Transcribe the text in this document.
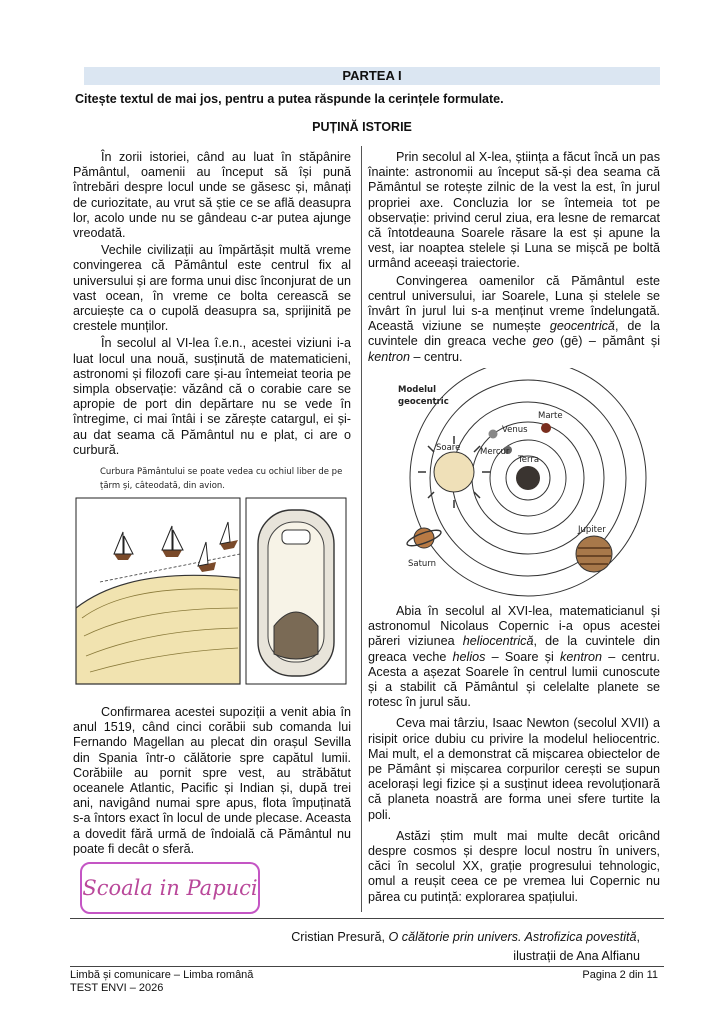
PARTEA I
Citește textul de mai jos, pentru a putea răspunde la cerințele formulate.
PUȚINĂ ISTORIE

În zorii istoriei, când au luat în stăpânire Pământul, oamenii au început să își pună întrebări despre locul unde se găsesc și, mânați de curiozitate, au vrut să știe ce se află deasupra lor, acolo unde nu se gândeau c-ar putea ajunge vreodată.

Vechile civilizații au împărtășit multă vreme convingerea că Pământul este centrul fix al universului și are forma unui disc înconjurat de un vast ocean, în vreme ce bolta cerească se arcuiește ca o cupolă deasupra sa, sprijinită pe crestele munților.

În secolul al VI-lea î.e.n., acestei viziuni i-a luat locul una nouă, susținută de matematicieni, astronomi și filozofi care și-au întemeiat teoria pe simpla observație: văzând că o corabie care se apropie de port din depărtare nu se vede în întregime, ci mai întâi i se zărește catargul, ei și-au dat seama că Pământul nu e plat, ci are o curbură.

Curbura Pământului se poate vedea cu ochiul liber de pe
țărm și, câteodată, din avion.

Confirmarea acestei supoziții a venit abia în anul 1519, când cinci corăbii sub comanda lui Fernando Magellan au plecat din orașul Sevilla din Spania într-o călătorie spre capătul lumii. Corăbiile au pornit spre vest, au străbătut oceanele Atlantic, Pacific și Indian și, după trei ani, navigând numai spre apus, flota împuținată s-a întors exact în locul de unde plecase. Aceasta a dovedit fără urmă de îndoială că Pământul nu poate fi decât o sferă.

Scoala in Papuci

Prin secolul al X-lea, știința a făcut încă un pas înainte: astronomii au început să-și dea seama că Pământul se rotește zilnic de la vest la est, în jurul propriei axe. Concluzia lor se întemeia tot pe observație: privind cerul ziua, era lesne de remarcat că întotdeauna Soarele răsare la est și apune la vest, iar noaptea stelele și Luna se mișcă pe boltă urmând aceeași traiectorie.

Convingerea oamenilor că Pământul este centrul universului, iar Soarele, Luna și stelele se învârt în jurul lui s-a menținut vreme îndelungată. Această viziune se numește geocentrică, de la cuvintele din greaca veche geo (gē) – pământ și kentron – centru.

Modelul
geocentric
Terra
Mercur
Venus
Soare
Marte
Jupiter
Saturn

Abia în secolul al XVI-lea, matematicianul și astronomul Nicolaus Copernic i-a opus acestei păreri viziunea heliocentrică, de la cuvintele din greaca veche helios – Soare și kentron – centru. Acesta a așezat Soarele în centrul lumii cunoscute și a stabilit că Pământul și celelalte planete se rotesc în jurul său.

Ceva mai târziu, Isaac Newton (secolul XVII) a risipit orice dubiu cu privire la modelul heliocentric. Mai mult, el a demonstrat că mișcarea obiectelor de pe Pământ și mișcarea corpurilor cerești se supun acelorași legi fizice și a susținut ideea revoluționară că planeta noastră are forma unei sfere turtite la poli.

Astăzi știm mult mai multe decât oricând despre cosmos și despre locul nostru în univers, căci în secolul XX, grație progresului tehnologic, omul a reușit ceea ce pe vremea lui Copernic nu părea cu putință: explorarea spațiului.

Cristian Presură, O călătorie prin univers. Astrofizica povestită,
ilustrații de Ana Alfianu
Limbă și comunicare – Limba română
TEST ENVI – 2026
Pagina 2 din 11
